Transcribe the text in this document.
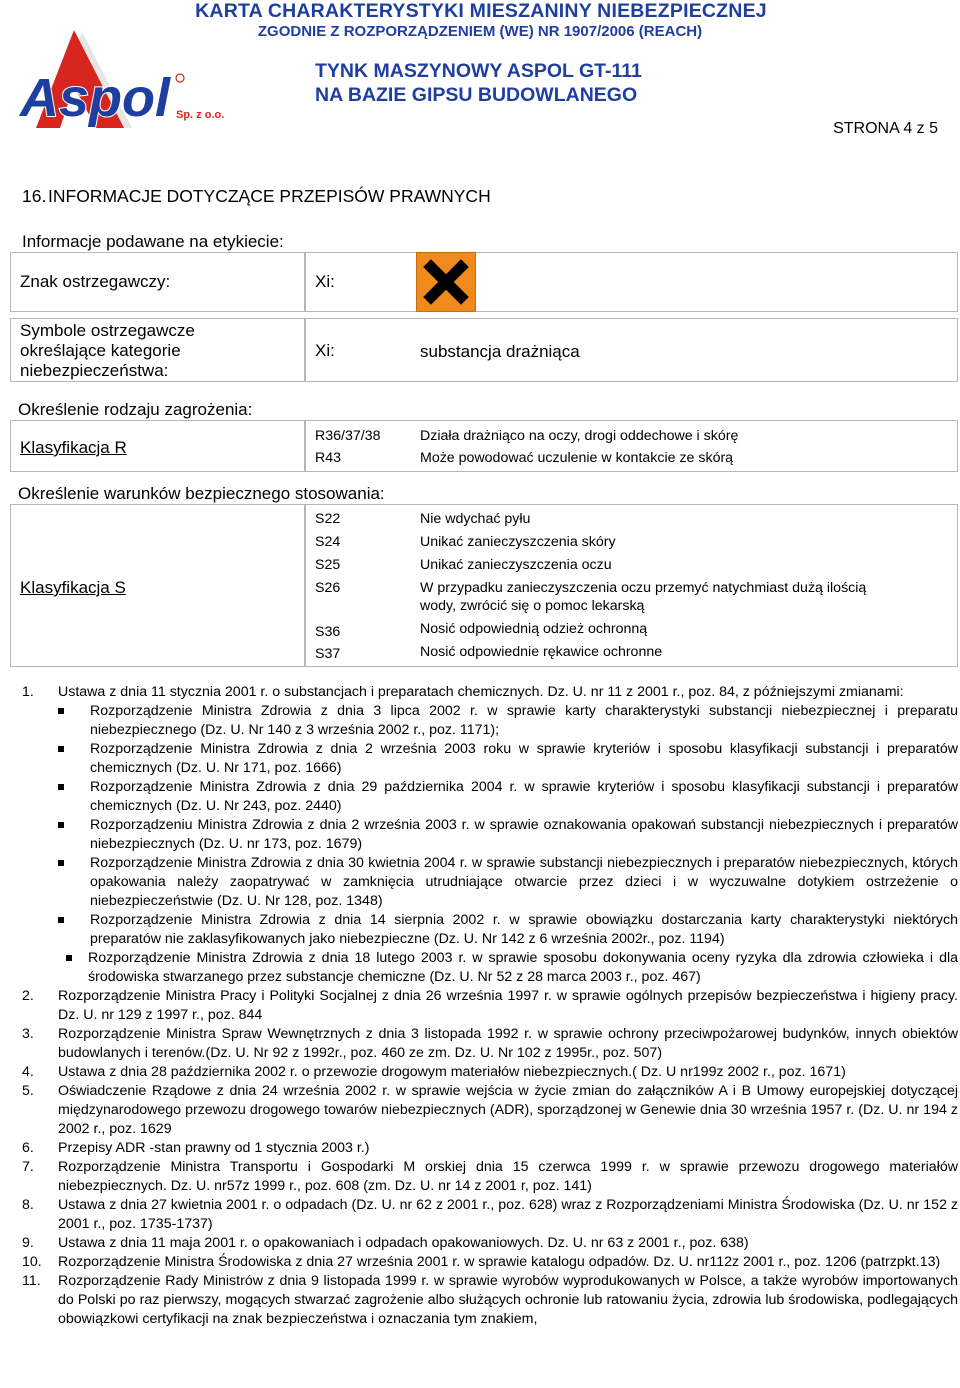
Aspol Sp. z o.o.
KARTA CHARAKTERYSTYKI MIESZANINY NIEBEZPIECZNEJ
ZGODNIE Z ROZPORZĄDZENIEM (WE) NR 1907/2006 (REACH)
TYNK MASZYNOWY ASPOL GT-111
NA BAZIE GIPSU BUDOWLANEGO
STRONA 4 z 5
16. INFORMACJE DOTYCZĄCE PRZEPISÓW PRAWNYCH
Informacje podawane na etykiecie:
Znak ostrzegawczy:	Xi:
Symbole ostrzegawcze
określające kategorie
niebezpieczeństwa:
Xi:	substancja drażniąca
Określenie rodzaju zagrożenia:
Klasyfikacja R
R36/37/38	Działa drażniąco na oczy, drogi oddechowe i skórę
R43	Może powodować uczulenie w kontakcie ze skórą
Określenie warunków bezpiecznego stosowania:
Klasyfikacja S
S22	Nie wdychać pyłu
S24	Unikać zanieczyszczenia skóry
S25	Unikać zanieczyszczenia oczu
S26	W przypadku zanieczyszczenia oczu przemyć natychmiast dużą ilością
wody, zwrócić się o pomoc lekarską
S36	Nosić odpowiednią odzież ochronną
S37	Nosić odpowiednie rękawice ochronne
1. Ustawa z dnia 11 stycznia 2001 r. o substancjach i preparatach chemicznych. Dz. U. nr 11 z 2001 r., poz. 84, z późniejszymi zmianami:
Rozporządzenie Ministra Zdrowia z dnia 3 lipca 2002 r. w sprawie karty charakterystyki substancji niebezpiecznej i preparatu niebezpiecznego (Dz. U. Nr 140 z 3 września 2002 r., poz. 1171);
Rozporządzenie Ministra Zdrowia z dnia 2 września 2003 roku w sprawie kryteriów i sposobu klasyfikacji substancji i preparatów chemicznych (Dz. U. Nr 171, poz. 1666)
Rozporządzenie Ministra Zdrowia z dnia 29 października 2004 r. w sprawie kryteriów i sposobu klasyfikacji substancji i preparatów chemicznych (Dz. U. Nr 243, poz. 2440)
Rozporządzeniu Ministra Zdrowia z dnia 2 września 2003 r. w sprawie oznakowania opakowań substancji niebezpiecznych i preparatów niebezpiecznych (Dz. U. nr 173, poz. 1679)
Rozporządzenie Ministra Zdrowia z dnia 30 kwietnia 2004 r. w sprawie substancji niebezpiecznych i preparatów niebezpiecznych, których opakowania należy zaopatrywać w zamknięcia utrudniające otwarcie przez dzieci i w wyczuwalne dotykiem ostrzeżenie o niebezpieczeństwie (Dz. U. Nr 128, poz. 1348)
Rozporządzenie Ministra Zdrowia z dnia 14 sierpnia 2002 r. w sprawie obowiązku dostarczania karty charakterystyki niektórych preparatów nie zaklasyfikowanych jako niebezpieczne (Dz. U. Nr 142 z 6 września 2002r., poz. 1194)
Rozporządzenie Ministra Zdrowia z dnia 18 lutego 2003 r. w sprawie sposobu dokonywania oceny ryzyka dla zdrowia człowieka i dla środowiska stwarzanego przez substancje chemiczne (Dz. U. Nr 52 z 28 marca 2003 r., poz. 467)
2. Rozporządzenie Ministra Pracy i Polityki Socjalnej z dnia 26 września 1997 r. w sprawie ogólnych przepisów bezpieczeństwa i higieny pracy. Dz. U. nr 129 z 1997 r., poz. 844
3. Rozporządzenie Ministra Spraw Wewnętrznych z dnia 3 listopada 1992 r. w sprawie ochrony przeciwpożarowej budynków, innych obiektów budowlanych i terenów.(Dz. U. Nr 92 z 1992r., poz. 460 ze zm. Dz. U. Nr 102 z 1995r., poz. 507)
4. Ustawa z dnia 28 października 2002 r. o przewozie drogowym materiałów niebezpiecznych.( Dz. U nr199z 2002 r., poz. 1671)
5. Oświadczenie Rządowe z dnia 24 września 2002 r. w sprawie wejścia w życie zmian do załączników A i B Umowy europejskiej dotyczącej międzynarodowego przewozu drogowego towarów niebezpiecznych (ADR), sporządzonej w Genewie dnia 30 września 1957 r. (Dz. U. nr 194 z 2002 r., poz. 1629
6. Przepisy ADR -stan prawny od 1 stycznia 2003 r.)
7. Rozporządzenie Ministra Transportu i Gospodarki M orskiej dnia 15 czerwca 1999 r. w sprawie przewozu drogowego materiałów niebezpiecznych. Dz. U. nr57z 1999 r., poz. 608 (zm. Dz. U. nr 14 z 2001 r, poz. 141)
8. Ustawa z dnia 27 kwietnia 2001 r. o odpadach (Dz. U. nr 62 z 2001 r., poz. 628) wraz z Rozporządzeniami Ministra Środowiska (Dz. U. nr 152 z 2001 r., poz. 1735-1737)
9. Ustawa z dnia 11 maja 2001 r. o opakowaniach i odpadach opakowaniowych. Dz. U. nr 63 z 2001 r., poz. 638)
10. Rozporządzenie Ministra Środowiska z dnia 27 września 2001 r. w sprawie katalogu odpadów. Dz. U. nr112z 2001 r., poz. 1206 (patrzpkt.13)
11. Rozporządzenie Rady Ministrów z dnia 9 listopada 1999 r. w sprawie wyrobów wyprodukowanych w Polsce, a także wyrobów importowanych do Polski po raz pierwszy, mogących stwarzać zagrożenie albo służących ochronie lub ratowaniu życia, zdrowia lub środowiska, podlegających obowiązkowi certyfikacji na znak bezpieczeństwa i oznaczania tym znakiem,
